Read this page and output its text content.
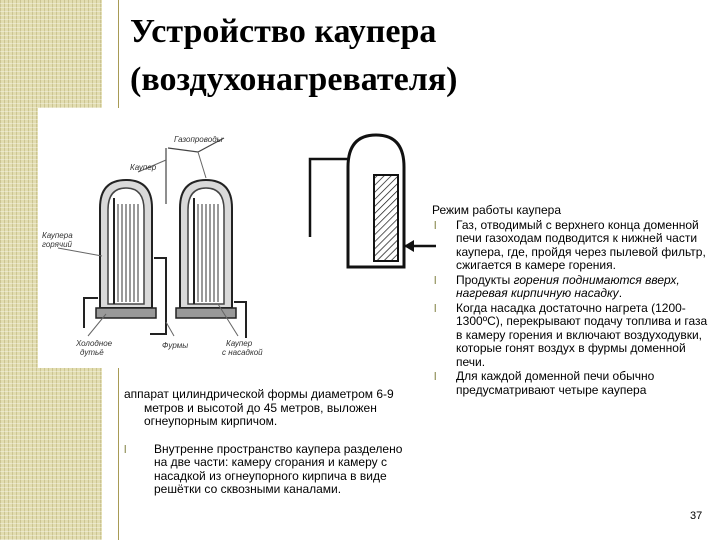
Устройство каупера
(воздухонагревателя)
Газопроводы
Каупер
Каупера
горячий
Холодное
дутьё
Фурмы	Каупер
с насадкой

аппарат цилиндрической формы диаметром 6-9 метров и высотой до 45 метров, выложен огнеупорным кирпичом.

l Внутренне пространство каупера разделено на две части: камеру сгорания и камеру с насадкой из огнеупорного кирпича в виде решётки со сквозными каналами.

Режим работы каупера

l Газ, отводимый с верхнего конца доменной печи газоходам подводится к нижней части каупера, где, пройдя через пылевой фильтр, сжигается в камере горения.
l Продукты горения поднимаются вверх, нагревая кирпичную насадку.
l Когда насадка достаточно нагрета (1200-1300ºC), перекрывают подачу топлива и газа в камеру горения и включают воздуходувки, которые гонят воздух в фурмы доменной печи.
l Для каждой доменной печи обычно предусматривают четыре каупера
37
